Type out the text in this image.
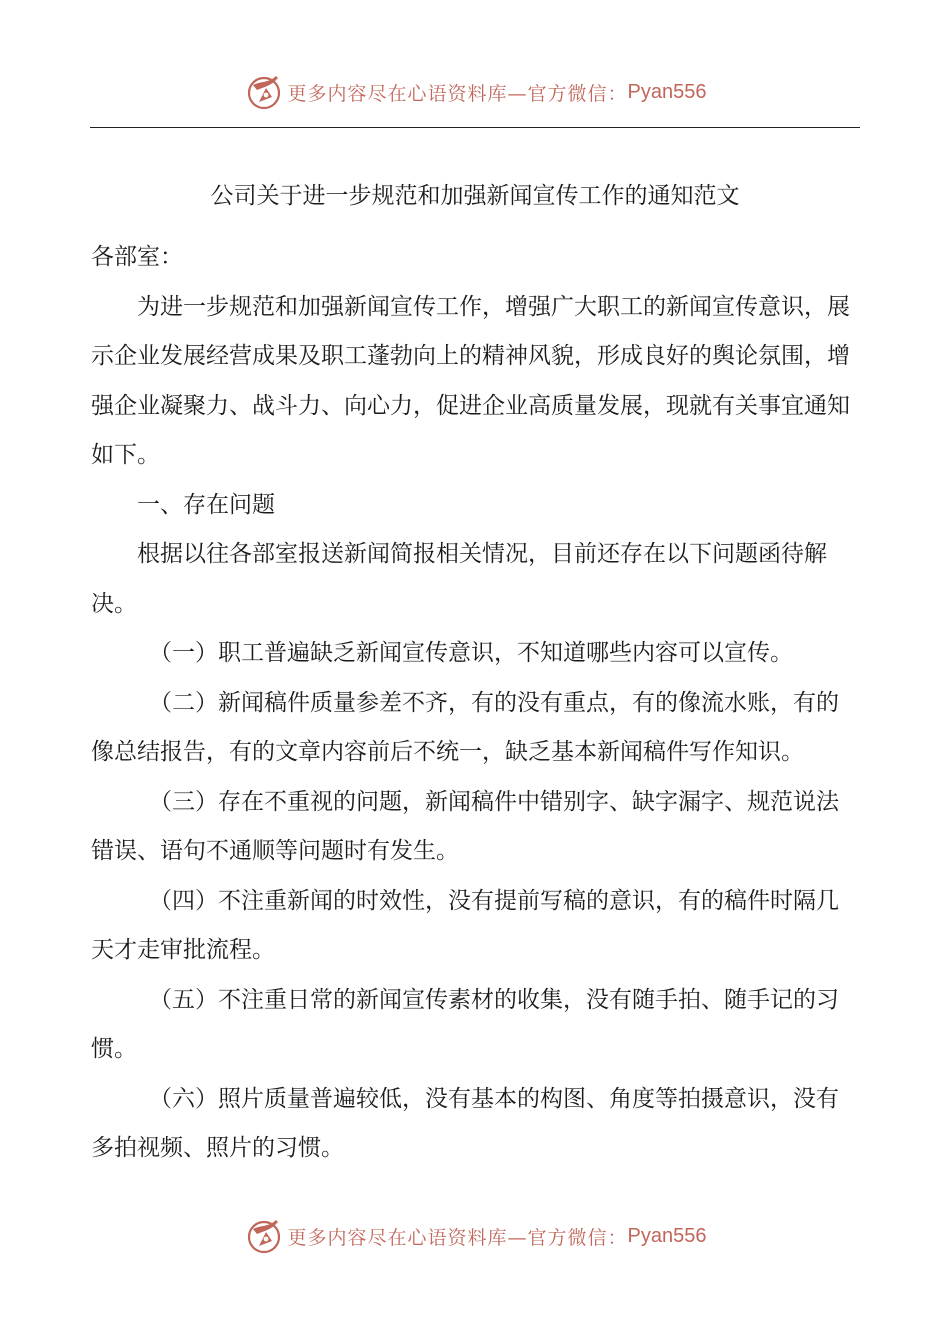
更多内容尽在心语资料库—官方微信： Pyan556
公司关于进一步规范和加强新闻宣传工作的通知范文

各部室：

为进一步规范和加强新闻宣传工作，增强广大职工的新闻宣传意识，展示企业发展经营成果及职工蓬勃向上的精神风貌，形成良好的舆论氛围，增强企业凝聚力、战斗力、向心力，促进企业高质量发展，现就有关事宜通知如下。

一、存在问题

根据以往各部室报送新闻简报相关情况，目前还存在以下问题函待解决。

（一）职工普遍缺乏新闻宣传意识，不知道哪些内容可以宣传。

（二）新闻稿件质量参差不齐，有的没有重点，有的像流水账，有的像总结报告，有的文章内容前后不统一，缺乏基本新闻稿件写作知识。

（三）存在不重视的问题，新闻稿件中错别字、缺字漏字、规范说法错误、语句不通顺等问题时有发生。

（四）不注重新闻的时效性，没有提前写稿的意识，有的稿件时隔几天才走审批流程。

（五）不注重日常的新闻宣传素材的收集，没有随手拍、随手记的习惯。

（六）照片质量普遍较低，没有基本的构图、角度等拍摄意识，没有多拍视频、照片的习惯。

更多内容尽在心语资料库—官方微信： Pyan556
